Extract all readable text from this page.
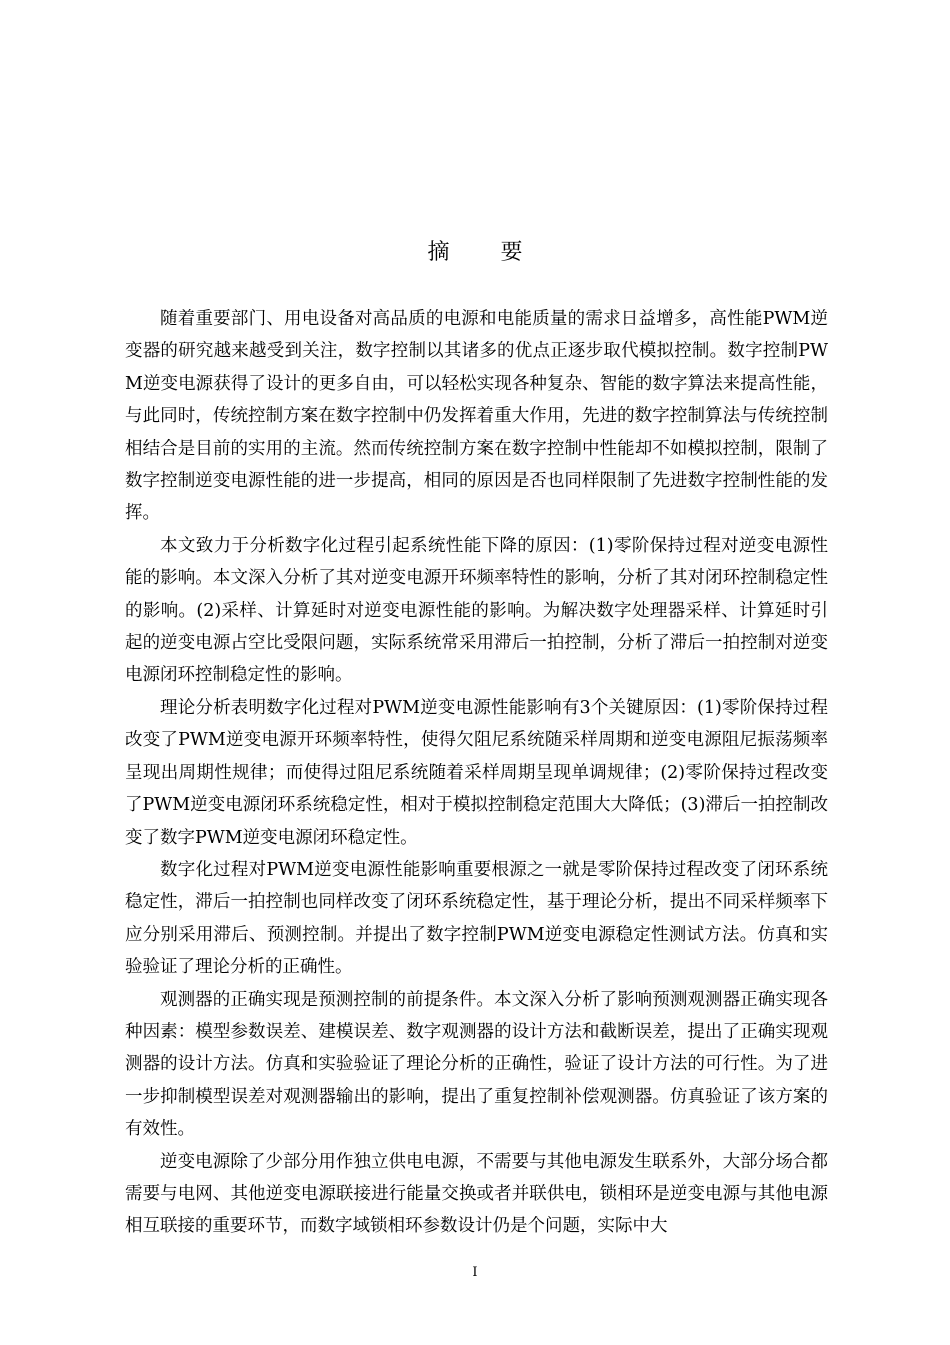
摘 要

随着重要部门、用电设备对高品质的电源和电能质量的需求日益增多，高性能PWM逆变器的研究越来越受到关注，数字控制以其诸多的优点正逐步取代模拟控制。数字控制PWM逆变电源获得了设计的更多自由，可以轻松实现各种复杂、智能的数字算法来提高性能，与此同时，传统控制方案在数字控制中仍发挥着重大作用，先进的数字控制算法与传统控制相结合是目前的实用的主流。然而传统控制方案在数字控制中性能却不如模拟控制，限制了数字控制逆变电源性能的进一步提高，相同的原因是否也同样限制了先进数字控制性能的发挥。

本文致力于分析数字化过程引起系统性能下降的原因：(1)零阶保持过程对逆变电源性能的影响。本文深入分析了其对逆变电源开环频率特性的影响，分析了其对闭环控制稳定性的影响。(2)采样、计算延时对逆变电源性能的影响。为解决数字处理器采样、计算延时引起的逆变电源占空比受限问题，实际系统常采用滞后一拍控制，分析了滞后一拍控制对逆变电源闭环控制稳定性的影响。

理论分析表明数字化过程对PWM逆变电源性能影响有3个关键原因：(1)零阶保持过程改变了PWM逆变电源开环频率特性，使得欠阻尼系统随采样周期和逆变电源阻尼振荡频率呈现出周期性规律；而使得过阻尼系统随着采样周期呈现单调规律；(2)零阶保持过程改变了PWM逆变电源闭环系统稳定性，相对于模拟控制稳定范围大大降低；(3)滞后一拍控制改变了数字PWM逆变电源闭环稳定性。

数字化过程对PWM逆变电源性能影响重要根源之一就是零阶保持过程改变了闭环系统稳定性，滞后一拍控制也同样改变了闭环系统稳定性，基于理论分析，提出不同采样频率下应分别采用滞后、预测控制。并提出了数字控制PWM逆变电源稳定性测试方法。仿真和实验验证了理论分析的正确性。

观测器的正确实现是预测控制的前提条件。本文深入分析了影响预测观测器正确实现各种因素：模型参数误差、建模误差、数字观测器的设计方法和截断误差，提出了正确实现观测器的设计方法。仿真和实验验证了理论分析的正确性，验证了设计方法的可行性。为了进一步抑制模型误差对观测器输出的影响，提出了重复控制补偿观测器。仿真验证了该方案的有效性。

逆变电源除了少部分用作独立供电电源，不需要与其他电源发生联系外，大部分场合都需要与电网、其他逆变电源联接进行能量交换或者并联供电，锁相环是逆变电源与其他电源相互联接的重要环节，而数字域锁相环参数设计仍是个问题，实际中大

I
